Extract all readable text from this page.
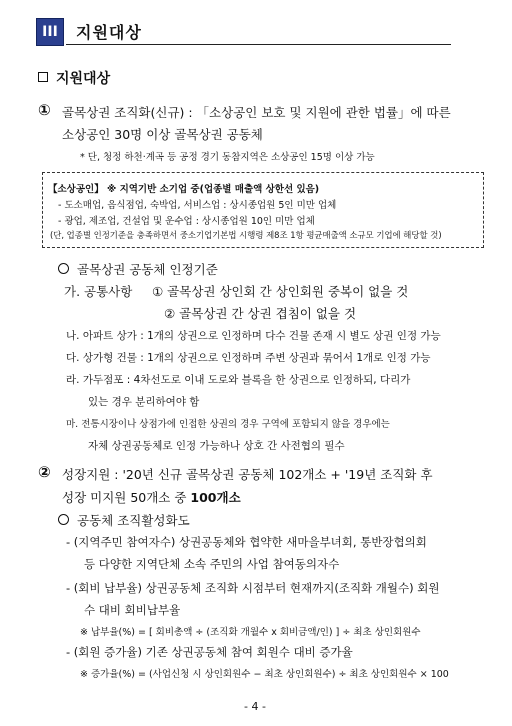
III	지원대상
지원대상
① 골목상권 조직화(신규) : 「소상공인 보호 및 지원에 관한 법률」에 따른
소상공인 30명 이상 골목상권 공동체
* 단, 청정 하천·계곡 등 공정 경기 동참지역은 소상공인 15명 이상 가능
【소상공인】 ※ 지역기반 소기업 중(업종별 매출액 상한선 있음)
- 도소매업, 음식점업, 숙박업, 서비스업 : 상시종업원 5인 미만 업체
- 광업, 제조업, 건설업 및 운수업 : 상시종업원 10인 미만 업체
(단, 업종별 인정기준을 충족하면서 중소기업기본법 시행령 제8조 1항 평균매출액 소규모 기업에 해당할 것)
골목상권 공동체 인정기준
가. 공통사항 ① 골목상권 상인회 간 상인회원 중복이 없을 것
② 골목상권 간 상권 겹침이 없을 것
나. 아파트 상가 : 1개의 상권으로 인정하며 다수 건물 존재 시 별도 상권 인정 가능
다. 상가형 건물 : 1개의 상권으로 인정하며 주변 상권과 묶어서 1개로 인정 가능
라. 가두점포 : 4차선도로 이내 도로와 블록을 한 상권으로 인정하되, 다리가
있는 경우 분리하여야 함
마. 전통시장이나 상점가에 인접한 상권의 경우 구역에 포함되지 않을 경우에는
자체 상권공동체로 인정 가능하나 상호 간 사전협의 필수
② 성장지원 : '20년 신규 골목상권 공동체 102개소 + '19년 조직화 후
성장 미지원 50개소 중 100개소
공동체 조직활성화도
- (지역주민 참여자수) 상권공동체와 협약한 새마을부녀회, 통반장협의회
등 다양한 지역단체 소속 주민의 사업 참여동의자수
- (회비 납부율) 상권공동체 조직화 시점부터 현재까지(조직화 개월수) 회원
수 대비 회비납부율
※ 납부율(%) = [ 회비총액 ÷ (조직화 개월수 x 회비금액/인) ] ÷ 최초 상인회원수
- (회원 증가율) 기존 상권공동체 참여 회원수 대비 증가율
※ 증가율(%) = (사업신청 시 상인회원수 − 최초 상인회원수) ÷ 최초 상인회원수 × 100
- 4 -
